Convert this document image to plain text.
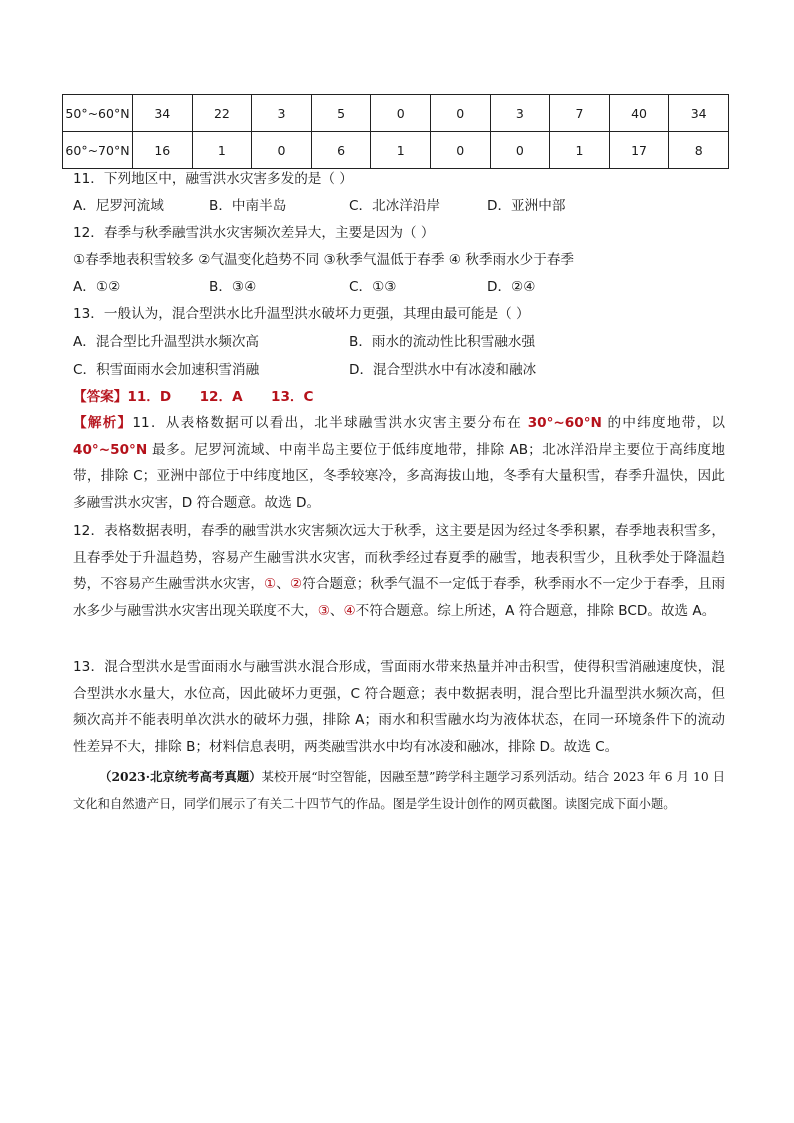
50°~60°N	34	22	3	5	0	0	3	7	40	34
60°~70°N	16	1	0	6	1	0	0	1	17	8
11．下列地区中，融雪洪水灾害多发的是（ ）
A．尼罗河流域	B．中南半岛	C．北冰洋沿岸	D．亚洲中部
12．春季与秋季融雪洪水灾害频次差异大，主要是因为（ ）
①春季地表积雪较多 ②气温变化趋势不同 ③秋季气温低于春季 ④ 秋季雨水少于春季
A．①②	B．③④	C．①③	D．②④
13．一般认为，混合型洪水比升温型洪水破坏力更强，其理由最可能是（ ）
A．混合型比升温型洪水频次高	B．雨水的流动性比积雪融水强
C．积雪面雨水会加速积雪消融	D．混合型洪水中有冰凌和融冰
【答案】11．D      12．A      13．C
【解析】11．从表格数据可以看出，北半球融雪洪水灾害主要分布在 30°~60°N 的中纬度地带，以 40°~50°N 最多。尼罗河流域、中南半岛主要位于低纬度地带，排除 AB；北冰洋沿岸主要位于高纬度地带，排除 C；亚洲中部位于中纬度地区，冬季较寒冷，多高海拔山地，冬季有大量积雪，春季升温快，因此多融雪洪水灾害，D 符合题意。故选 D。
12．表格数据表明，春季的融雪洪水灾害频次远大于秋季，这主要是因为经过冬季积累，春季地表积雪多，且春季处于升温趋势，容易产生融雪洪水灾害，而秋季经过春夏季的融雪，地表积雪少，且秋季处于降温趋势，不容易产生融雪洪水灾害，①、②符合题意；秋季气温不一定低于春季，秋季雨水不一定少于春季，且雨水多少与融雪洪水灾害出现关联度不大，③、④不符合题意。综上所述，A 符合题意，排除 BCD。故选 A。
13．混合型洪水是雪面雨水与融雪洪水混合形成，雪面雨水带来热量并冲击积雪，使得积雪消融速度快，混合型洪水水量大，水位高，因此破坏力更强，C 符合题意；表中数据表明，混合型比升温型洪水频次高，但频次高并不能表明单次洪水的破坏力强，排除 A；雨水和积雪融水均为液体状态，在同一环境条件下的流动性差异不大，排除 B；材料信息表明，两类融雪洪水中均有冰凌和融冰，排除 D。故选 C。
（2023·北京统考高考真题）某校开展“时空智能，因融至慧”跨学科主题学习系列活动。结合 2023 年 6 月 10 日文化和自然遗产日，同学们展示了有关二十四节气的作品。图是学生设计创作的网页截图。读图完成下面小题。
